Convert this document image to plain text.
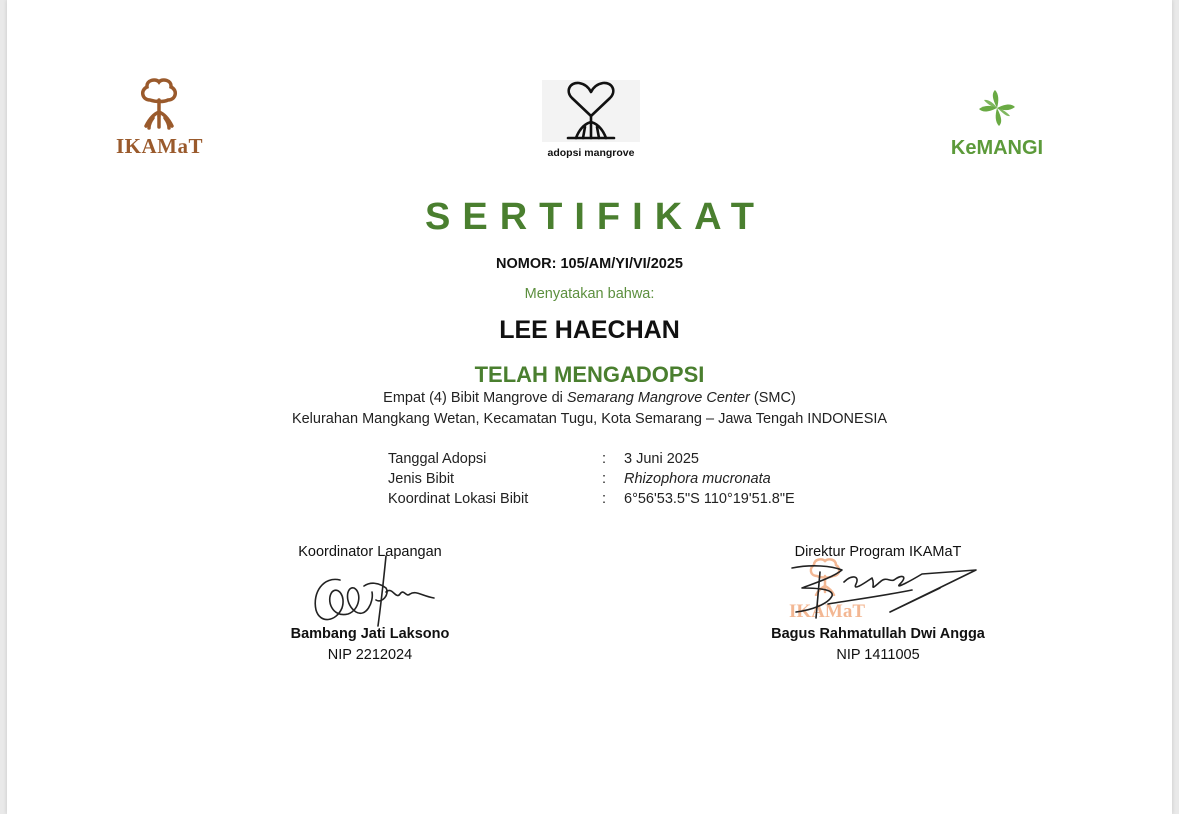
IKAMaT	adopsi mangrove	KeMANGI
SERTIFIKAT
NOMOR: 105/AM/YI/VI/2025
Menyatakan bahwa:
LEE HAECHAN
TELAH MENGADOPSI
Empat (4) Bibit Mangrove di Semarang Mangrove Center (SMC)
Kelurahan Mangkang Wetan, Kecamatan Tugu, Kota Semarang – Jawa Tengah INDONESIA
Tanggal Adopsi	: 3 Juni 2025
Jenis Bibit	: Rhizophora mucronata
Koordinat Lokasi Bibit	: 6°56'53.5"S 110°19'51.8"E
Koordinator Lapangan
Bambang Jati Laksono
NIP 2212024
Direktur Program IKAMaT
IKAMaT
Bagus Rahmatullah Dwi Angga
NIP 1411005
